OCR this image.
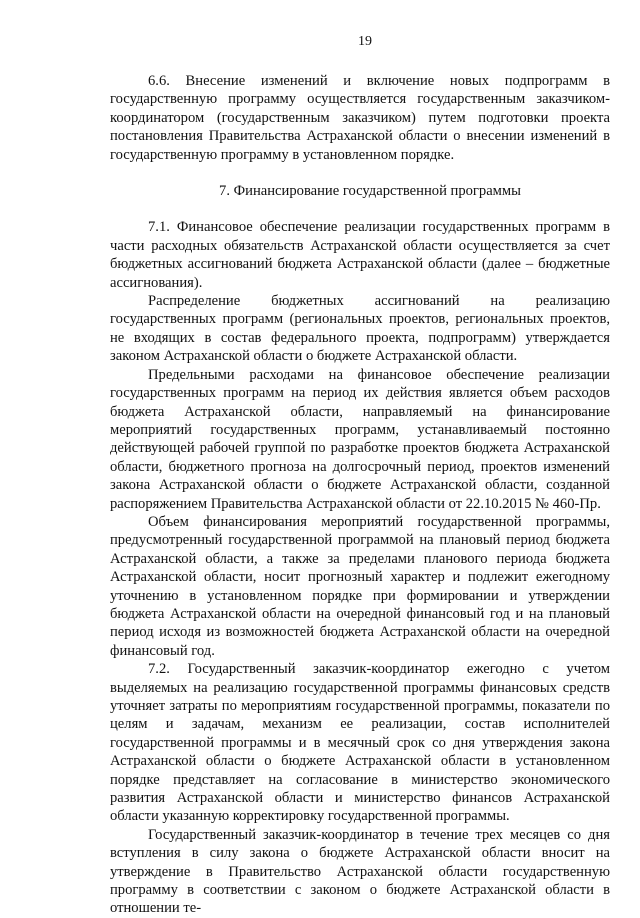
19

6.6. Внесение изменений и включение новых подпрограмм в государственную программу осуществляется государственным заказчиком-координатором (государственным заказчиком) путем подготовки проекта постановления Правительства Астраханской области о внесении изменений в государственную программу в установленном порядке.

7. Финансирование государственной программы

7.1. Финансовое обеспечение реализации государственных программ в части расходных обязательств Астраханской области осуществляется за счет бюджетных ассигнований бюджета Астраханской области (далее – бюджетные ассигнования).

Распределение бюджетных ассигнований на реализацию государственных программ (региональных проектов, региональных проектов, не входящих в состав федерального проекта, подпрограмм) утверждается законом Астраханской области о бюджете Астраханской области.

Предельными расходами на финансовое обеспечение реализации государственных программ на период их действия является объем расходов бюджета Астраханской области, направляемый на финансирование мероприятий государственных программ, устанавливаемый постоянно действующей рабочей группой по разработке проектов бюджета Астраханской области, бюджетного прогноза на долгосрочный период, проектов изменений закона Астраханской области о бюджете Астраханской области, созданной распоряжением Правительства Астраханской области от 22.10.2015 № 460-Пр.

Объем финансирования мероприятий государственной программы, предусмотренный государственной программой на плановый период бюджета Астраханской области, а также за пределами планового периода бюджета Астраханской области, носит прогнозный характер и подлежит ежегодному уточнению в установленном порядке при формировании и утверждении бюджета Астраханской области на очередной финансовый год и на плановый период исходя из возможностей бюджета Астраханской области на очередной финансовый год.

7.2. Государственный заказчик-координатор ежегодно с учетом выделяемых на реализацию государственной программы финансовых средств уточняет затраты по мероприятиям государственной программы, показатели по целям и задачам, механизм ее реализации, состав исполнителей государственной программы и в месячный срок со дня утверждения закона Астраханской области о бюджете Астраханской области в установленном порядке представляет на согласование в министерство экономического развития Астраханской области и министерство финансов Астраханской области указанную корректировку государственной программы.

Государственный заказчик-координатор в течение трех месяцев со дня вступления в силу закона о бюджете Астраханской области вносит на утверждение в Правительство Астраханской области государственную программу в соответствии с законом о бюджете Астраханской области в отношении те-
